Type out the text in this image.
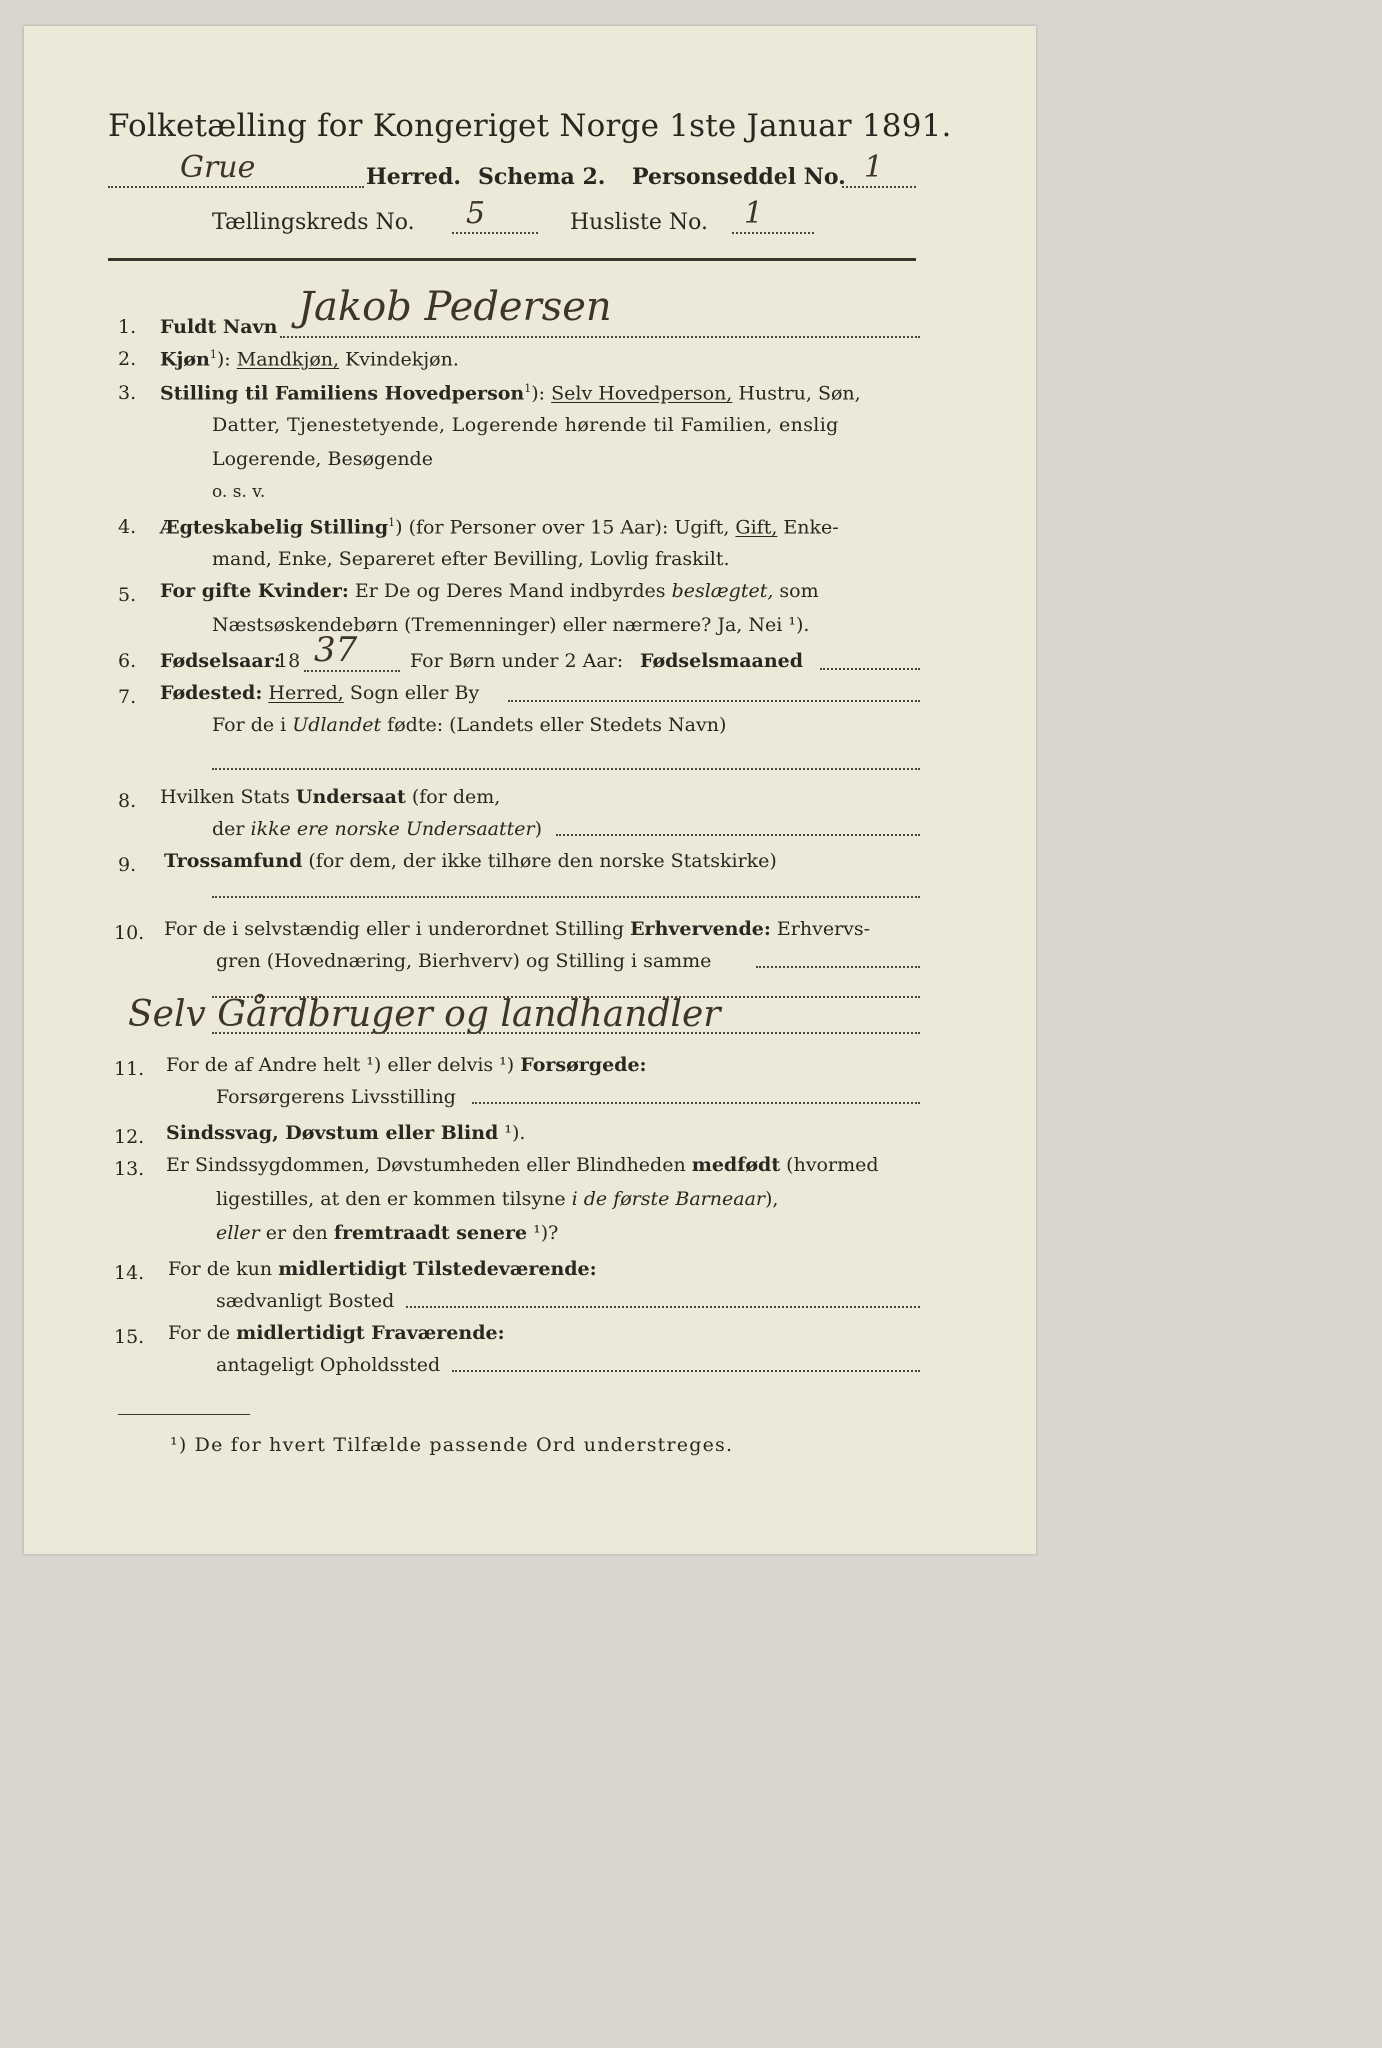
Folketælling for Kongeriget Norge 1ste Januar 1891.
Grue	Herred. Schema 2. Personseddel No. 1
Tællingskreds No. 5	Husliste No. 1
1. Fuldt Navn Jakob Pedersen
2. Kjøn$^1$): Mandkjøn, Kvindekjøn.
3. Stilling til Familiens Hovedperson$^1$): Selv Hovedperson, Hustru, Søn,
Datter, Tjenestetyende, Logerende hørende til Familien, enslig
Logerende, Besøgende
o. s. v.
4. Ægteskabelig Stilling$^1$) (for Personer over 15 Aar): Ugift, Gift, Enke-
mand, Enke, Separeret efter Bevilling, Lovlig fraskilt.
5. For gifte Kvinder: Er De og Deres Mand indbyrdes beslægtet, som
Næstsøskendebørn (Tremenninger) eller nærmere? Ja, Nei ¹).
6. Fødselsaar:
18 37	For Børn under 2 Aar: Fødselsmaaned
7. Fødested: Herred, Sogn eller By
For de i Udlandet fødte: (Landets eller Stedets Navn)
8. Hvilken Stats Undersaat (for dem,
der ikke ere norske Undersaatter)
9. Trossamfund (for dem, der ikke tilhøre den norske Statskirke)
10. For de i selvstændig eller i underordnet Stilling Erhvervende: Erhvervs-
gren (Hovednæring, Bierhverv) og Stilling i samme
Selv Gårdbruger og landhandler
11. For de af Andre helt ¹) eller delvis ¹) Forsørgede:
Forsørgerens Livsstilling
12. Sindssvag, Døvstum eller Blind ¹).
13. Er Sindssygdommen, Døvstumheden eller Blindheden medfødt (hvormed
ligestilles, at den er kommen tilsyne i de første Barneaar),
eller er den fremtraadt senere ¹)?
14. For de kun midlertidigt Tilstedeværende:
sædvanligt Bosted
15. For de midlertidigt Fraværende:
antageligt Opholdssted
¹) De for hvert Tilfælde passende Ord understreges.
